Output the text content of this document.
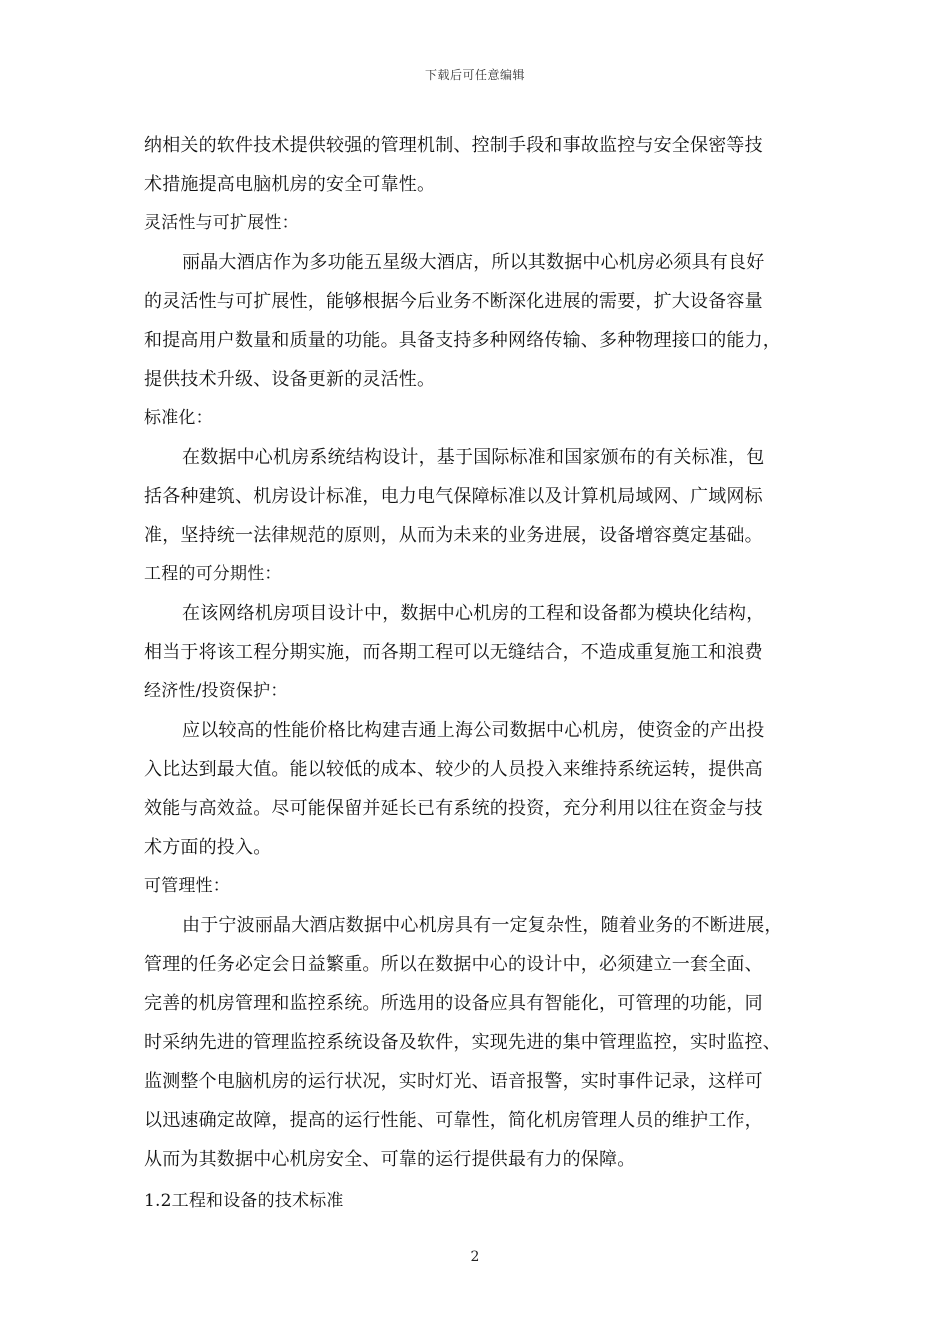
下载后可任意编辑
纳相关的软件技术提供较强的管理机制、控制手段和事故监控与安全保密等技
术措施提高电脑机房的安全可靠性。
灵活性与可扩展性：
丽晶大酒店作为多功能五星级大酒店，所以其数据中心机房必须具有良好
的灵活性与可扩展性，能够根据今后业务不断深化进展的需要，扩大设备容量
和提高用户数量和质量的功能。具备支持多种网络传输、多种物理接口的能力，
提供技术升级、设备更新的灵活性。
标准化：
在数据中心机房系统结构设计，基于国际标准和国家颁布的有关标准，包
括各种建筑、机房设计标准，电力电气保障标准以及计算机局域网、广域网标
准，坚持统一法律规范的原则，从而为未来的业务进展，设备增容奠定基础。
工程的可分期性：
在该网络机房项目设计中，数据中心机房的工程和设备都为模块化结构，
相当于将该工程分期实施，而各期工程可以无缝结合，不造成重复施工和浪费
经济性/投资保护：
应以较高的性能价格比构建吉通上海公司数据中心机房，使资金的产出投
入比达到最大值。能以较低的成本、较少的人员投入来维持系统运转，提供高
效能与高效益。尽可能保留并延长已有系统的投资，充分利用以往在资金与技
术方面的投入。
可管理性：
由于宁波丽晶大酒店数据中心机房具有一定复杂性，随着业务的不断进展，
管理的任务必定会日益繁重。所以在数据中心的设计中，必须建立一套全面、
完善的机房管理和监控系统。所选用的设备应具有智能化，可管理的功能，同
时采纳先进的管理监控系统设备及软件，实现先进的集中管理监控，实时监控、
监测整个电脑机房的运行状况，实时灯光、语音报警，实时事件记录，这样可
以迅速确定故障，提高的运行性能、可靠性，简化机房管理人员的维护工作，
从而为其数据中心机房安全、可靠的运行提供最有力的保障。
1.2工程和设备的技术标准
2
